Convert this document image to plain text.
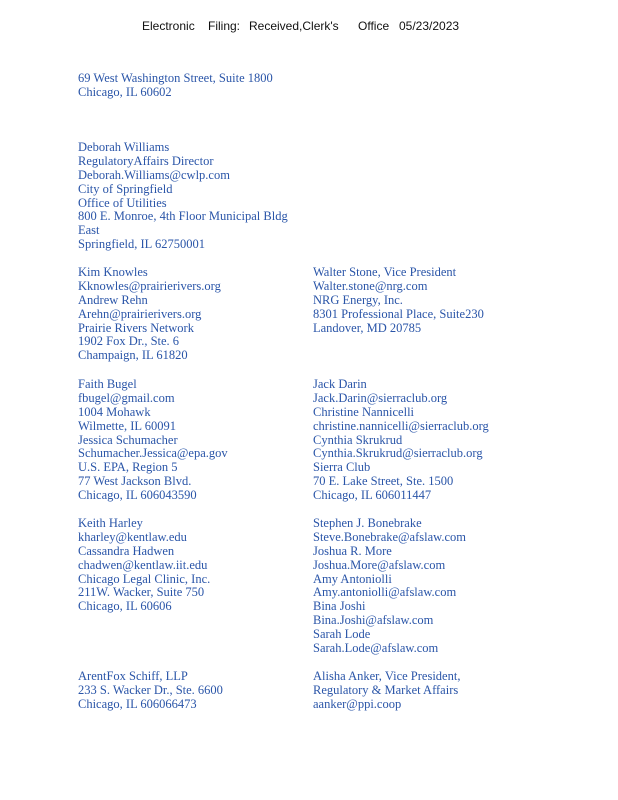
Electronic Filing: Received,Clerk's Office 05/23/2023
69 West Washington Street, Suite 1800
Chicago, IL 60602
Deborah Williams
RegulatoryAffairs Director
Deborah.Williams@cwlp.com
City of Springfield
Office of Utilities
800 E. Monroe, 4th Floor Municipal Bldg
East
Springfield, IL 62750001
Kim Knowles
Kknowles@prairierivers.org
Andrew Rehn
Arehn@prairierivers.org
Prairie Rivers Network
1902 Fox Dr., Ste. 6
Champaign, IL 61820
Walter Stone, Vice President
Walter.stone@nrg.com
NRG Energy, Inc.
8301 Professional Place, Suite230
Landover, MD 20785
Faith Bugel
fbugel@gmail.com
1004 Mohawk
Wilmette, IL 60091
Jessica Schumacher
Schumacher.Jessica@epa.gov
U.S. EPA, Region 5
77 West Jackson Blvd.
Chicago, IL 606043590
Jack Darin
Jack.Darin@sierraclub.org
Christine Nannicelli
christine.nannicelli@sierraclub.org
Cynthia Skrukrud
Cynthia.Skrukrud@sierraclub.org
Sierra Club
70 E. Lake Street, Ste. 1500
Chicago, IL 606011447
Keith Harley
kharley@kentlaw.edu
Cassandra Hadwen
chadwen@kentlaw.iit.edu
Chicago Legal Clinic, Inc.
211W. Wacker, Suite 750
Chicago, IL 60606
Stephen J. Bonebrake
Steve.Bonebrake@afslaw.com
Joshua R. More
Joshua.More@afslaw.com
Amy Antoniolli
Amy.antoniolli@afslaw.com
Bina Joshi
Bina.Joshi@afslaw.com
Sarah Lode
Sarah.Lode@afslaw.com
ArentFox Schiff, LLP
233 S. Wacker Dr., Ste. 6600
Chicago, IL 606066473
Alisha Anker, Vice President,
Regulatory & Market Affairs
aanker@ppi.coop
